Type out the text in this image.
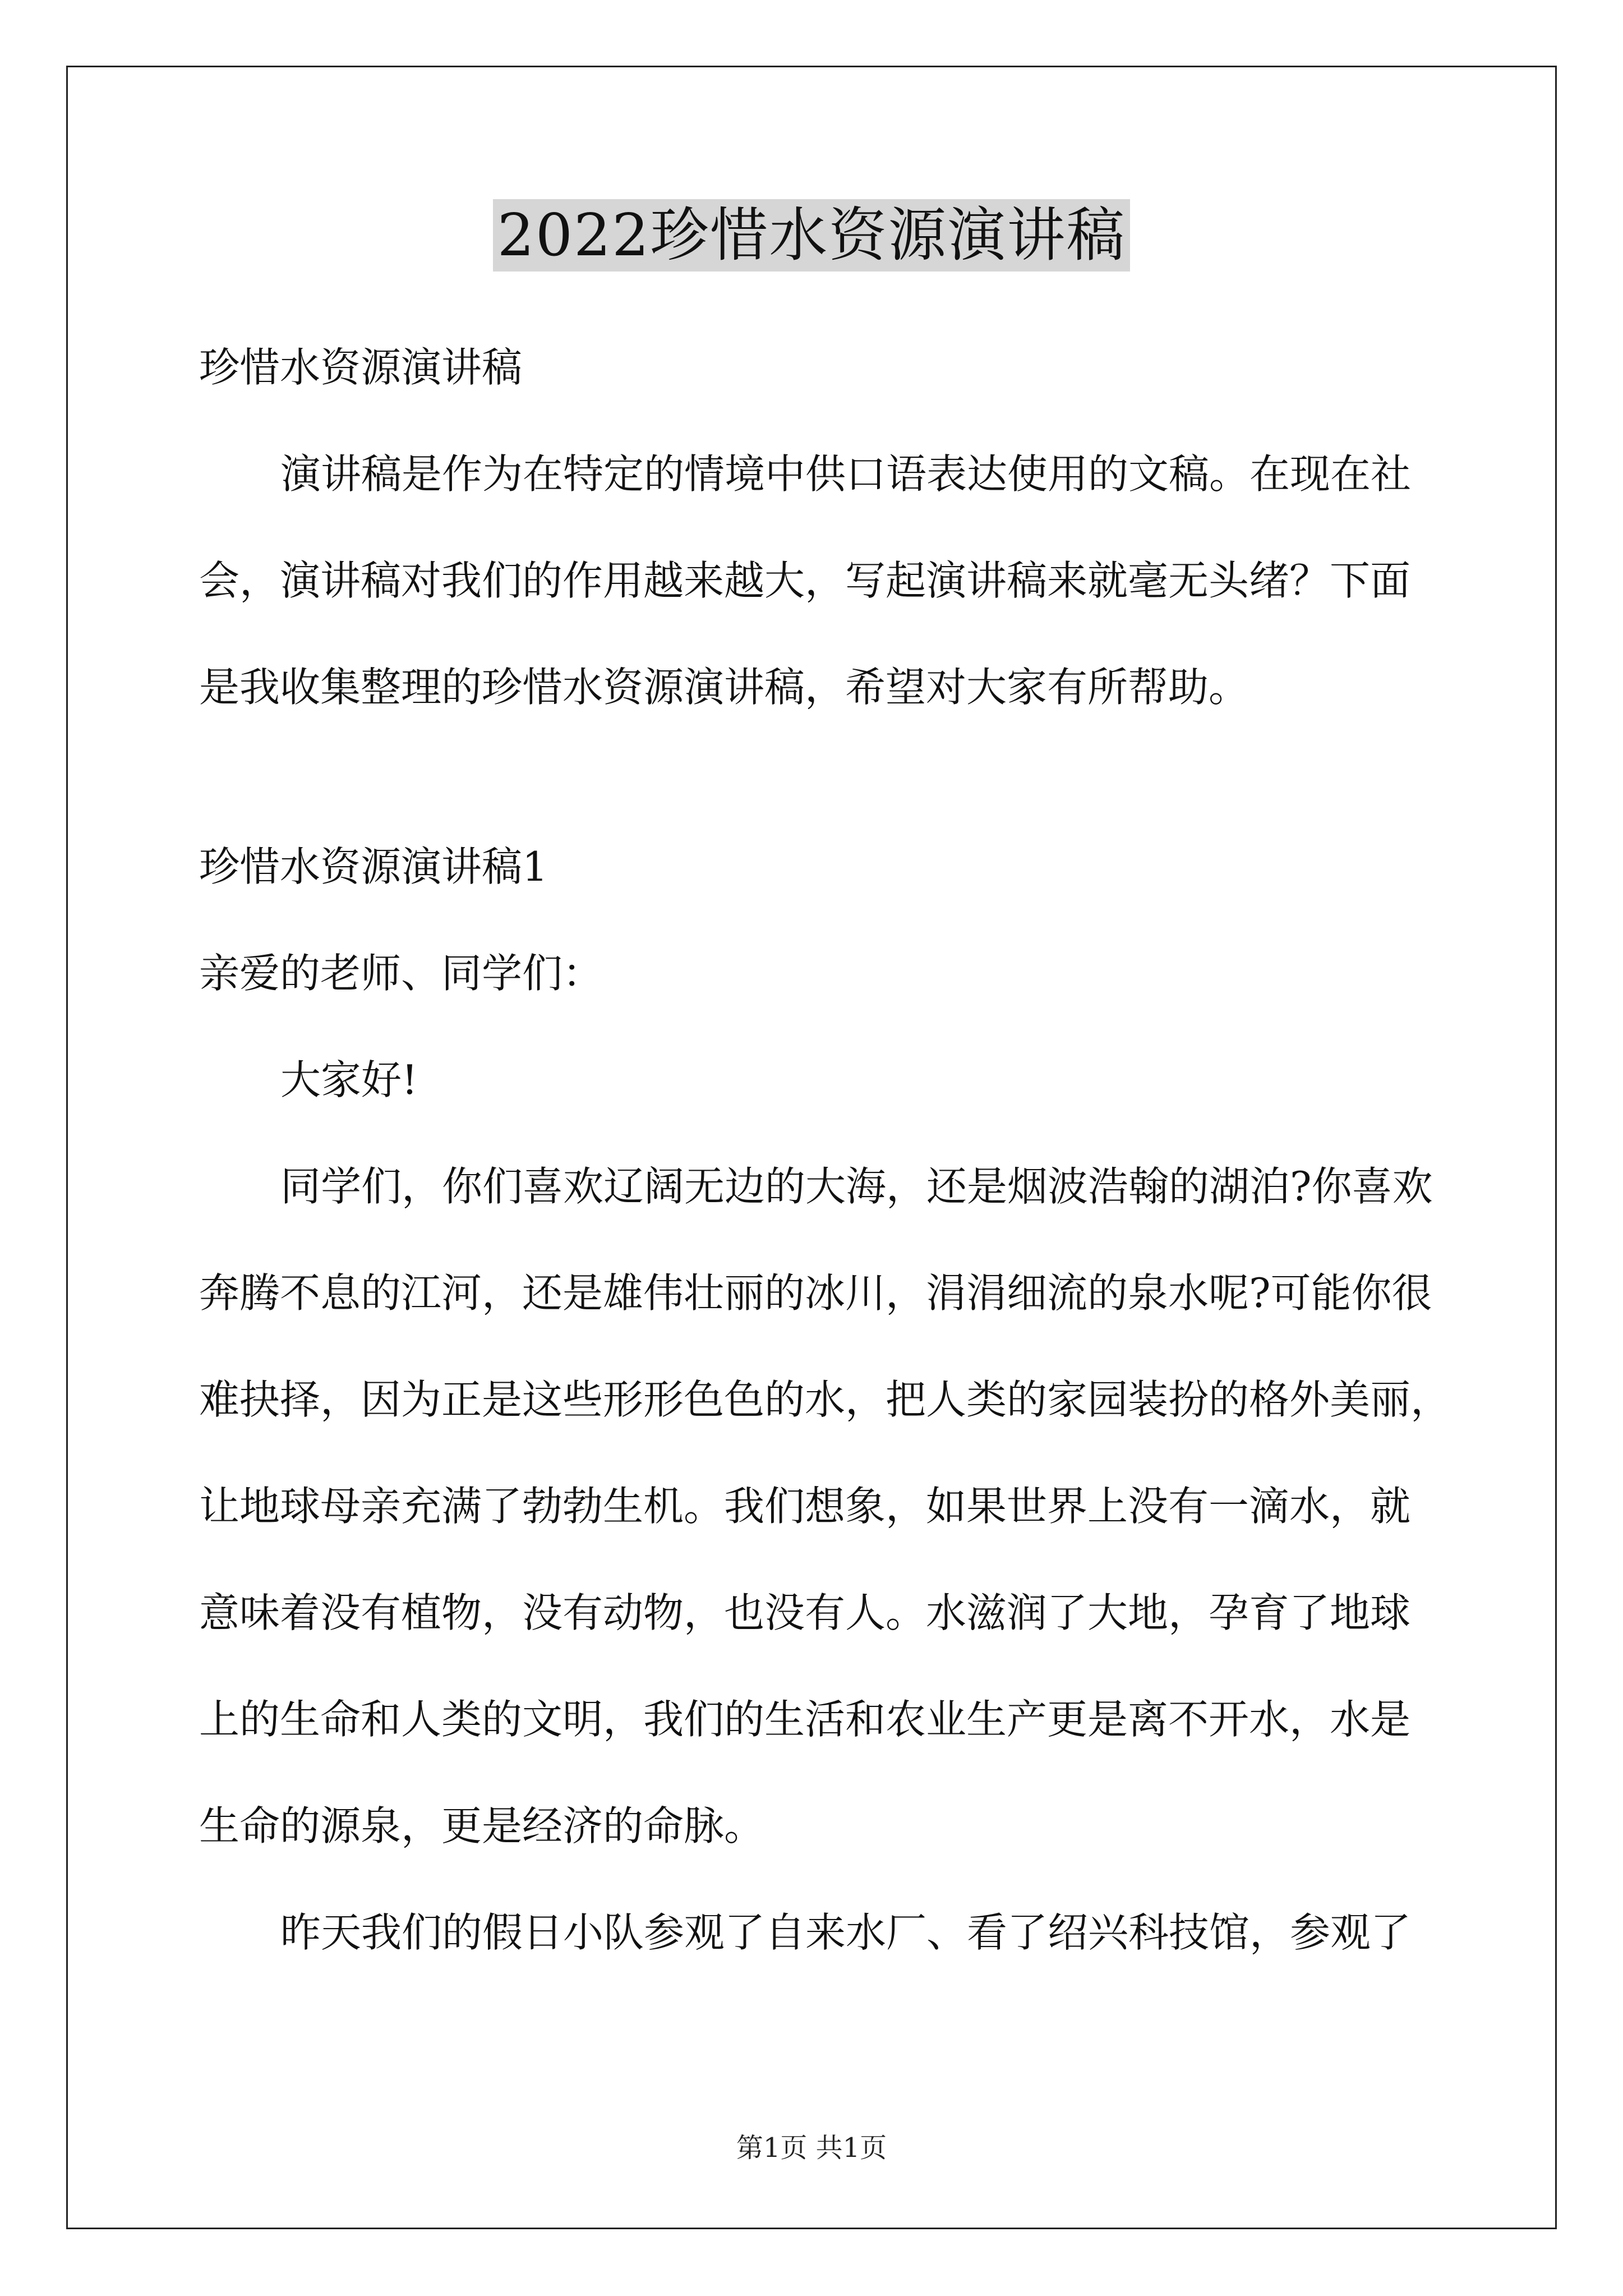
2022珍惜水资源演讲稿
珍惜水资源演讲稿
演讲稿是作为在特定的情境中供口语表达使用的文稿。在现在社
会，演讲稿对我们的作用越来越大，写起演讲稿来就毫无头绪？下面
是我收集整理的珍惜水资源演讲稿，希望对大家有所帮助。
珍惜水资源演讲稿1
亲爱的老师、同学们：
大家好!
同学们，你们喜欢辽阔无边的大海，还是烟波浩翰的湖泊?你喜欢
奔腾不息的江河，还是雄伟壮丽的冰川，涓涓细流的泉水呢?可能你很
难抉择，因为正是这些形形色色的水，把人类的家园装扮的格外美丽，
让地球母亲充满了勃勃生机。我们想象，如果世界上没有一滴水，就
意味着没有植物，没有动物，也没有人。水滋润了大地，孕育了地球
上的生命和人类的文明，我们的生活和农业生产更是离不开水，水是
生命的源泉，更是经济的命脉。
昨天我们的假日小队参观了自来水厂、看了绍兴科技馆，参观了
第1页 共1页
